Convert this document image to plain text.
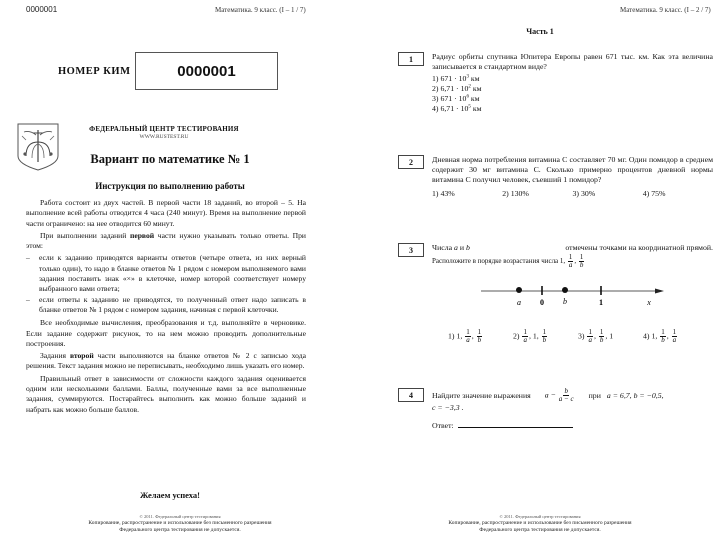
0000001	Математика. 9 класс. (I – 1 / 7)
НОМЕР КИМ	0000001
ФЕДЕРАЛЬНЫЙ ЦЕНТР ТЕСТИРОВАНИЯ
WWW.RUSTEST.RU
Вариант по математике № 1
Инструкция по выполнению работы

Работа состоит из двух частей. В первой части 18 заданий, во второй – 5. На выполнение всей работы отводится 4 часа (240 минут). Время на выполнение первой части ограничено: на нее отводится 60 минут.

При выполнении заданий первой части нужно указывать только ответы. При этом:

– если к заданию приводятся варианты ответов (четыре ответа, из них верный только один), то надо в бланке ответов № 1 рядом с номером выполняемого вами задания поставить знак «×» в клеточке, номер которой соответствует номеру выбранного вами ответа;
– если ответы к заданию не приводятся, то полученный ответ надо записать в бланке ответов № 1 рядом с номером задания, начиная с первой клеточки.

Все необходимые вычисления, преобразования и т.д. выполняйте в черновике. Если задание содержит рисунок, то на нем можно проводить дополнительные построения.

Задания второй части выполняются на бланке ответов № 2 с записью хода решения. Текст задания можно не переписывать, необходимо лишь указать его номер.

Правильный ответ в зависимости от сложности каждого задания оценивается одним или несколькими баллами. Баллы, полученные вами за все выполненные задания, суммируются. Постарайтесь выполнить как можно больше заданий и набрать как можно больше баллов.

Желаем успеха!
© 2011. Федеральный центр тестирования
Копирование, распространение и использование без письменного разрешения
Федерального центра тестирования не допускается.
Математика. 9 класс. (I – 2 / 7)
Часть 1
1	Радиус орбиты спутника Юпитера Европы равен 671 тыс. км. Как эта величина записывается в стандартном виде?
1) $671 \cdot 10^3$ км
2) $6,71 \cdot 10^2$ км
3) $671 \cdot 10^6$ км
4) $6,71 \cdot 10^5$ км
2	Дневная норма потребления витамина С составляет 70 мг. Один помидор в среднем содержит 30 мг витамина С. Сколько примерно процентов дневной нормы витамина С получил человек, съевший 1 помидор?
1) 43%	2) 130%	3) 30%	4) 75%
3	Числа a и b	отмечены точками на координатной прямой.
Расположите в порядке возрастания числа 1, $\frac{1}{a}$ , $\frac{1}{b}$
a 0 b	1	x
1) 1, $\frac{1}{a}$ , $\frac{1}{b}$	$2) \frac{1}{a}$ , 1, $\frac{1}{b}$	$3) \frac{1}{a}$ , $\frac{1}{b}$ , 1	4) 1, $\frac{1}{b}$ , $\frac{1}{a}$
4	Найдите значение выражения $a - \frac{b}{a - c}$ при a = 6,7, b = −0,5,
c = −3,3 .
Ответ:
© 2011. Федеральный центр тестирования
Копирование, распространение и использование без письменного разрешения
Федерального центра тестирования не допускается.
